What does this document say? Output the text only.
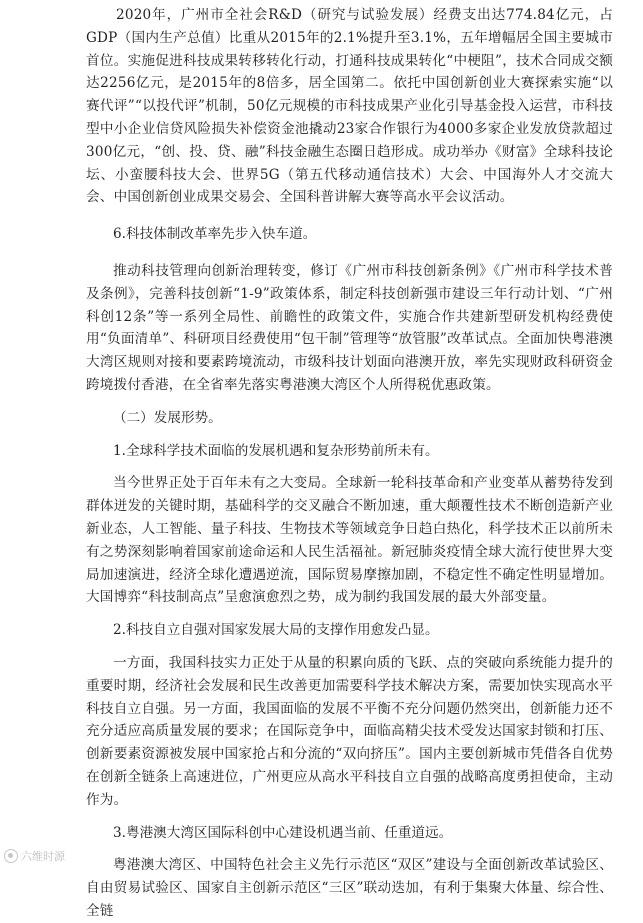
2020年，广州市全社会R&D（研究与试验发展）经费支出达774.84亿元，占GDP（国内生产总值）比重从2015年的2.1%提升至3.1%，五年增幅居全国主要城市首位。实施促进科技成果转移转化行动，打通科技成果转化“中梗阻”，技术合同成交额达2256亿元，是2015年的8倍多，居全国第二。依托中国创新创业大赛探索实施“以赛代评”“以投代评”机制，50亿元规模的市科技成果产业化引导基金投入运营，市科技型中小企业信贷风险损失补偿资金池撬动23家合作银行为4000多家企业发放贷款超过300亿元，“创、投、贷、融”科技金融生态圈日趋形成。成功举办《财富》全球科技论坛、小蛮腰科技大会、世界5G（第五代移动通信技术）大会、中国海外人才交流大会、中国创新创业成果交易会、全国科普讲解大赛等高水平会议活动。

6.科技体制改革率先步入快车道。

推动科技管理向创新治理转变，修订《广州市科技创新条例》《广州市科学技术普及条例》，完善科技创新“1-9”政策体系，制定科技创新强市建设三年行动计划、“广州科创12条”等一系列全局性、前瞻性的政策文件，实施合作共建新型研发机构经费使用“负面清单”、科研项目经费使用“包干制”管理等“放管服”改革试点。全面加快粤港澳大湾区规则对接和要素跨境流动，市级科技计划面向港澳开放，率先实现财政科研资金跨境拨付香港，在全省率先落实粤港澳大湾区个人所得税优惠政策。

（二）发展形势。

1.全球科学技术面临的发展机遇和复杂形势前所未有。

当今世界正处于百年未有之大变局。全球新一轮科技革命和产业变革从蓄势待发到群体迸发的关键时期，基础科学的交叉融合不断加速，重大颠覆性技术不断创造新产业新业态，人工智能、量子科技、生物技术等领域竞争日趋白热化，科学技术正以前所未有之势深刻影响着国家前途命运和人民生活福祉。新冠肺炎疫情全球大流行使世界大变局加速演进，经济全球化遭遇逆流，国际贸易摩擦加剧，不稳定性不确定性明显增加。大国博弈“科技制高点”呈愈演愈烈之势，成为制约我国发展的最大外部变量。

2.科技自立自强对国家发展大局的支撑作用愈发凸显。

一方面，我国科技实力正处于从量的积累向质的飞跃、点的突破向系统能力提升的重要时期，经济社会发展和民生改善更加需要科学技术解决方案，需要加快实现高水平科技自立自强。另一方面，我国面临的发展不平衡不充分问题仍然突出，创新能力还不充分适应高质量发展的要求；在国际竞争中，面临高精尖技术受发达国家封锁和打压、创新要素资源被发展中国家抢占和分流的“双向挤压”。国内主要创新城市凭借各自优势在创新全链条上高速进位，广州更应从高水平科技自立自强的战略高度勇担使命，主动作为。

3.粤港澳大湾区国际科创中心建设机遇当前、任重道远。

粤港澳大湾区、中国特色社会主义先行示范区“双区”建设与全面创新改革试验区、自由贸易试验区、国家自主创新示范区“三区”联动迭加，有利于集聚大体量、综合性、全链

六维时源
